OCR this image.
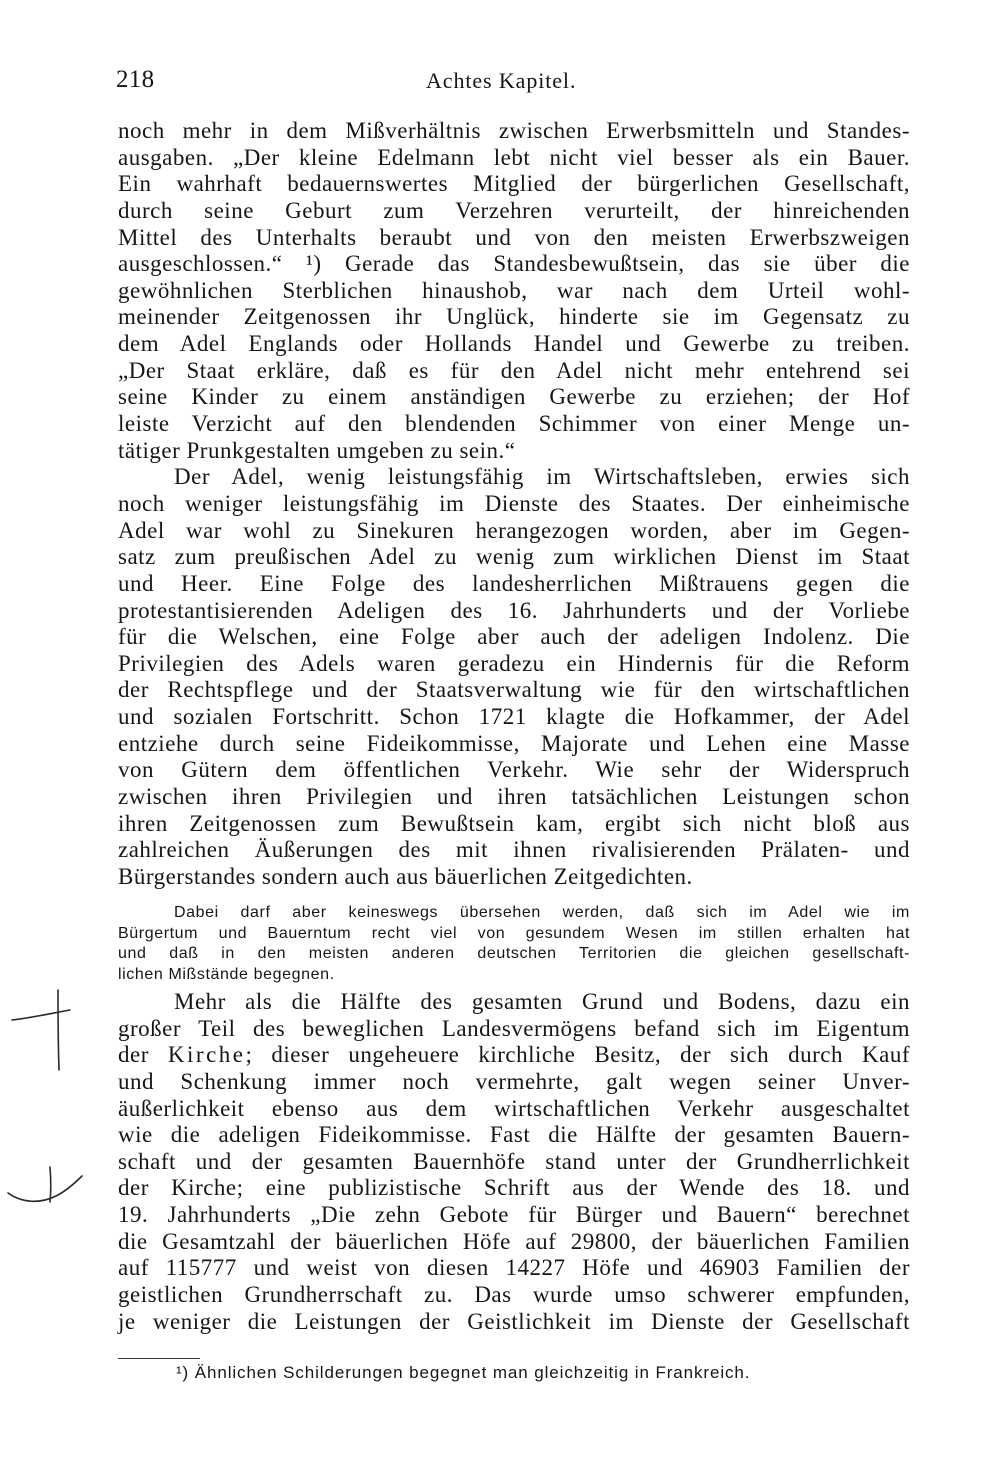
218	Achtes Kapitel.
noch mehr in dem Mißverhältnis zwischen Erwerbsmitteln und Standes-
ausgaben. „Der kleine Edelmann lebt nicht viel besser als ein Bauer.
Ein wahrhaft bedauernswertes Mitglied der bürgerlichen Gesellschaft,
durch seine Geburt zum Verzehren verurteilt, der hinreichenden
Mittel des Unterhalts beraubt und von den meisten Erwerbszweigen
ausgeschlossen.“ ¹) Gerade das Standesbewußtsein, das sie über die
gewöhnlichen Sterblichen hinaushob, war nach dem Urteil wohl-
meinender Zeitgenossen ihr Unglück, hinderte sie im Gegensatz zu
dem Adel Englands oder Hollands Handel und Gewerbe zu treiben.
„Der Staat erkläre, daß es für den Adel nicht mehr entehrend sei
seine Kinder zu einem anständigen Gewerbe zu erziehen; der Hof
leiste Verzicht auf den blendenden Schimmer von einer Menge un-
tätiger Prunkgestalten umgeben zu sein.“
Der Adel, wenig leistungsfähig im Wirtschaftsleben, erwies sich
noch weniger leistungsfähig im Dienste des Staates. Der einheimische
Adel war wohl zu Sinekuren herangezogen worden, aber im Gegen-
satz zum preußischen Adel zu wenig zum wirklichen Dienst im Staat
und Heer. Eine Folge des landesherrlichen Mißtrauens gegen die
protestantisierenden Adeligen des 16. Jahrhunderts und der Vorliebe
für die Welschen, eine Folge aber auch der adeligen Indolenz. Die
Privilegien des Adels waren geradezu ein Hindernis für die Reform
der Rechtspflege und der Staatsverwaltung wie für den wirtschaftlichen
und sozialen Fortschritt. Schon 1721 klagte die Hofkammer, der Adel
entziehe durch seine Fideikommisse, Majorate und Lehen eine Masse
von Gütern dem öffentlichen Verkehr. Wie sehr der Widerspruch
zwischen ihren Privilegien und ihren tatsächlichen Leistungen schon
ihren Zeitgenossen zum Bewußtsein kam, ergibt sich nicht bloß aus
zahlreichen Äußerungen des mit ihnen rivalisierenden Prälaten- und
Bürgerstandes sondern auch aus bäuerlichen Zeitgedichten.
Dabei darf aber keineswegs übersehen werden, daß sich im Adel wie im
Bürgertum und Bauerntum recht viel von gesundem Wesen im stillen erhalten hat
und daß in den meisten anderen deutschen Territorien die gleichen gesellschaft-
lichen Mißstände begegnen.
Mehr als die Hälfte des gesamten Grund und Bodens, dazu ein
großer Teil des beweglichen Landesvermögens befand sich im Eigentum
der Kirche; dieser ungeheuere kirchliche Besitz, der sich durch Kauf
und Schenkung immer noch vermehrte, galt wegen seiner Unver-
äußerlichkeit ebenso aus dem wirtschaftlichen Verkehr ausgeschaltet
wie die adeligen Fideikommisse. Fast die Hälfte der gesamten Bauern-
schaft und der gesamten Bauernhöfe stand unter der Grundherrlichkeit
der Kirche; eine publizistische Schrift aus der Wende des 18. und
19. Jahrhunderts „Die zehn Gebote für Bürger und Bauern“ berechnet
die Gesamtzahl der bäuerlichen Höfe auf 29800, der bäuerlichen Familien
auf 115777 und weist von diesen 14227 Höfe und 46903 Familien der
geistlichen Grundherrschaft zu. Das wurde umso schwerer empfunden,
je weniger die Leistungen der Geistlichkeit im Dienste der Gesellschaft
¹) Ähnlichen Schilderungen begegnet man gleichzeitig in Frankreich.
